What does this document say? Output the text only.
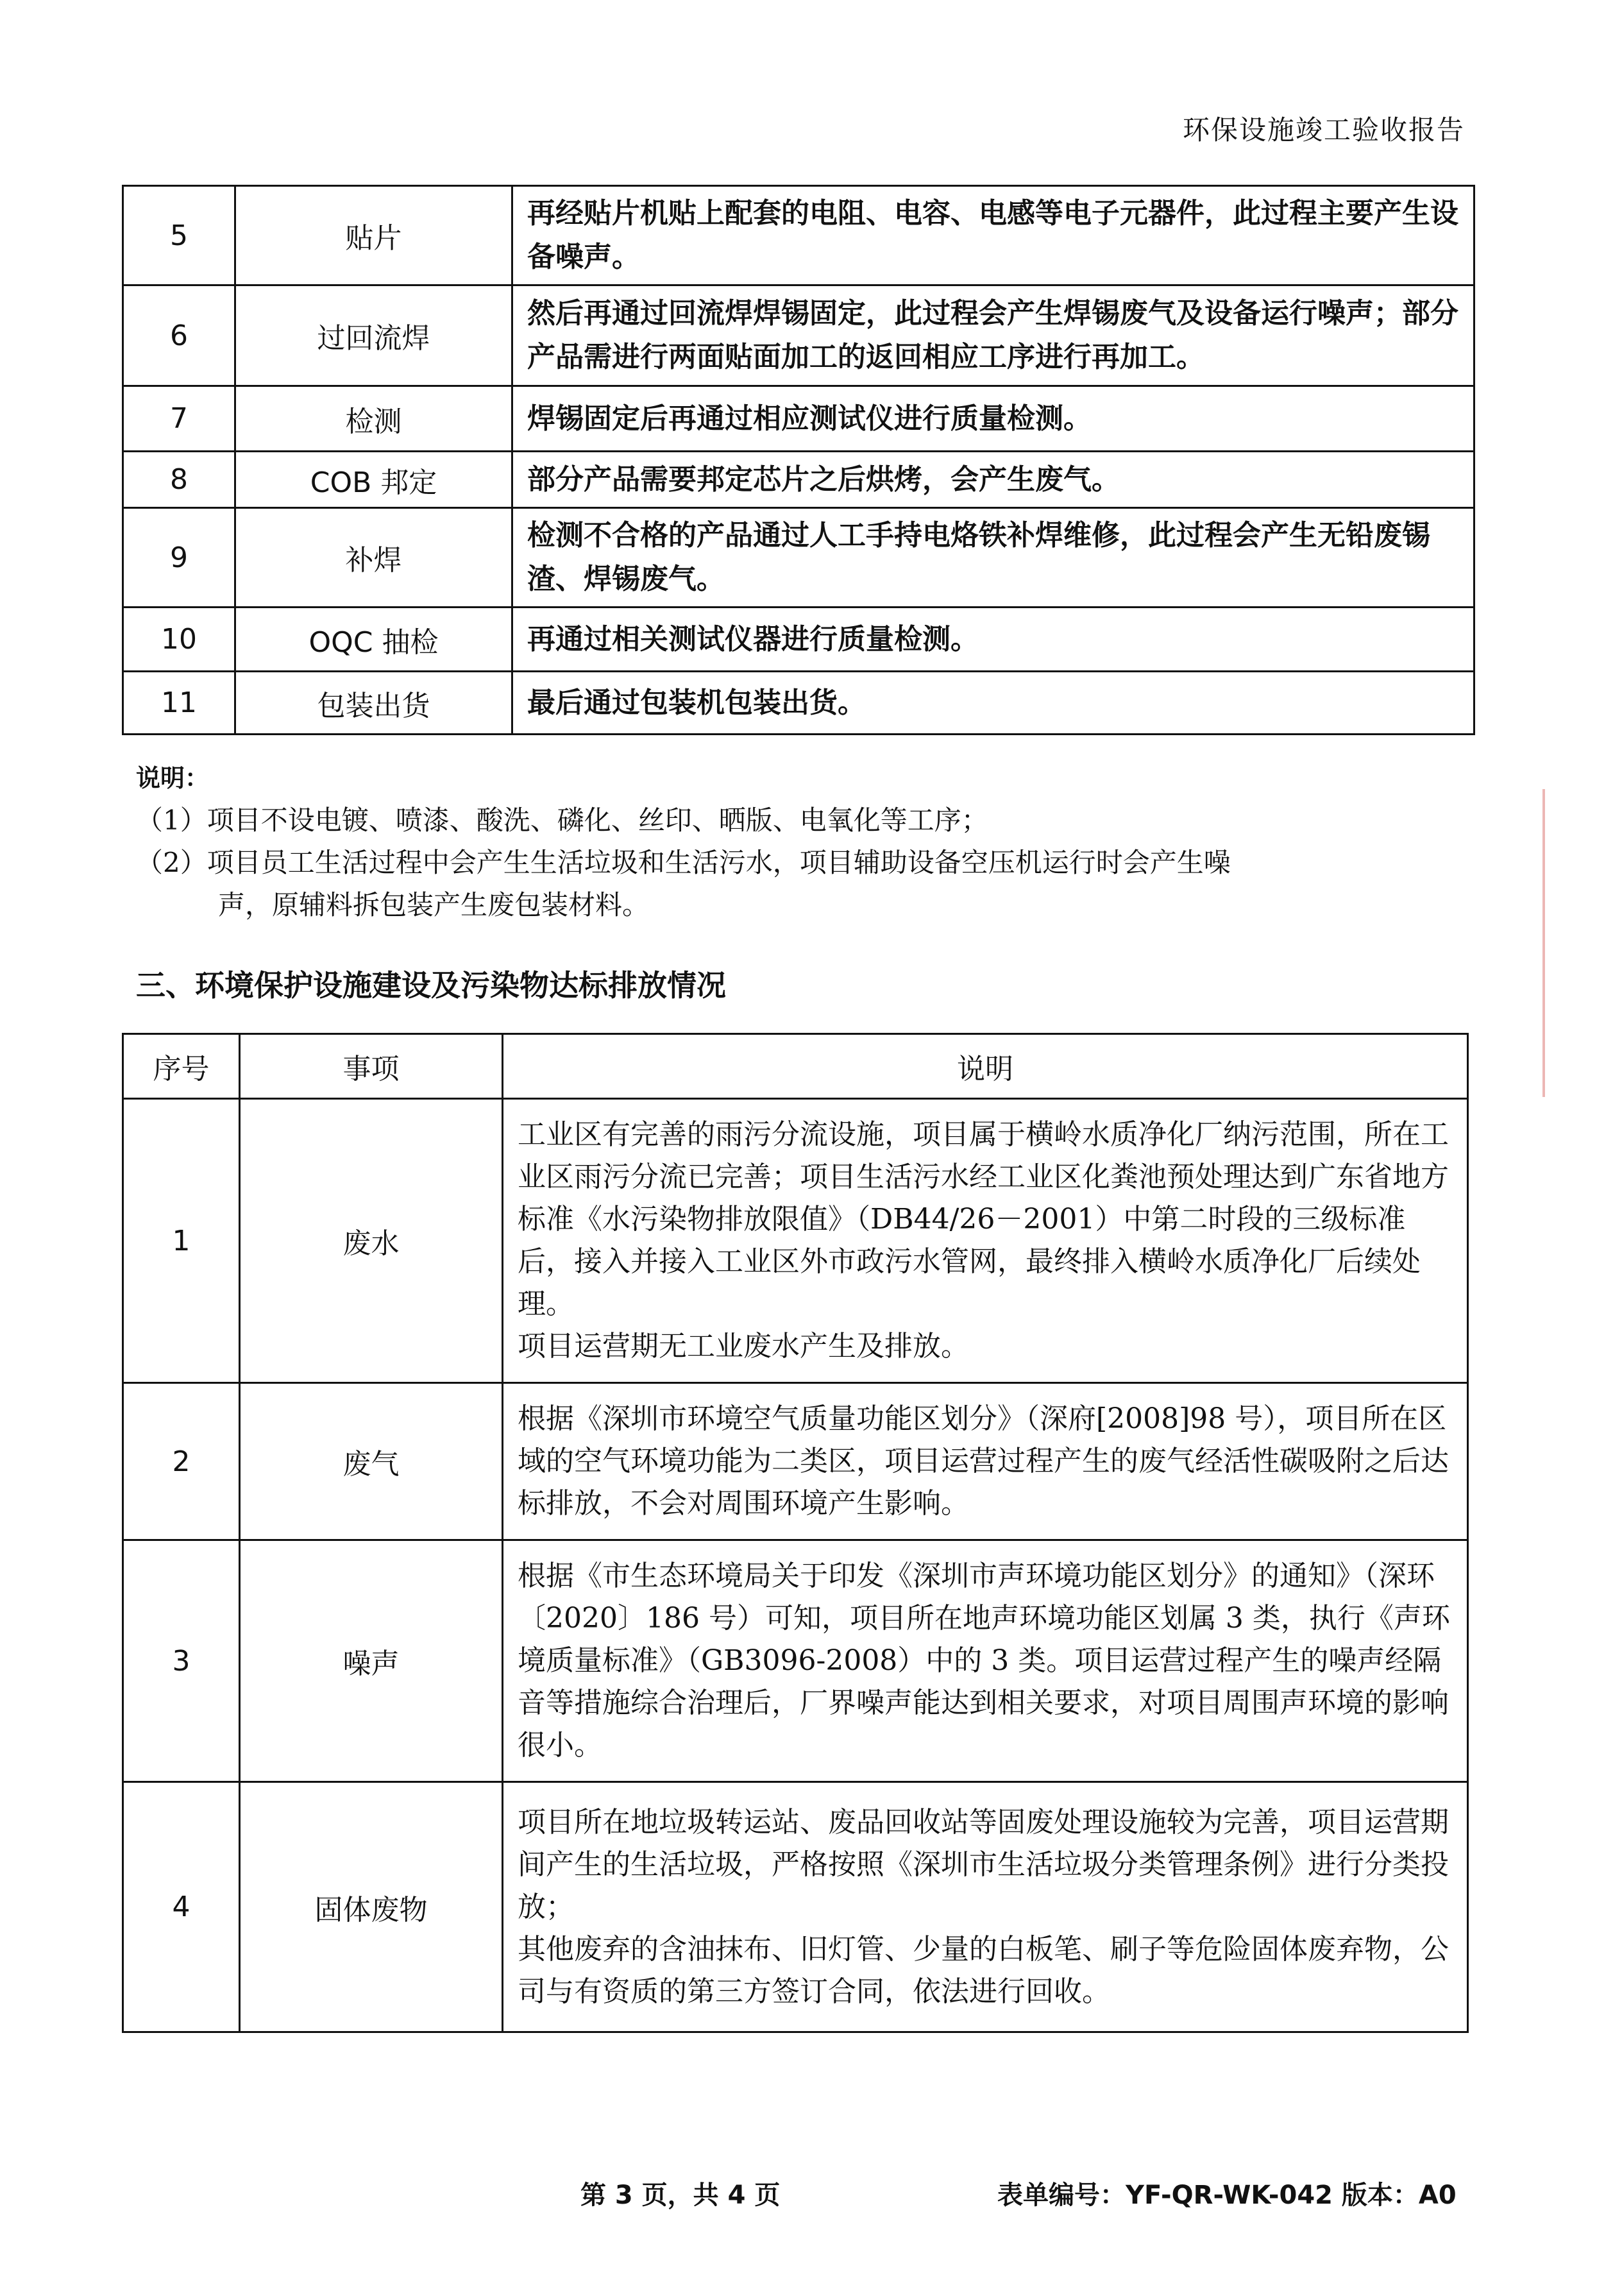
环保设施竣工验收报告
5	贴片	再经贴片机贴上配套的电阻、电容、电感等电子元器件，此过程主要产生设备噪声。
6	过回流焊	然后再通过回流焊焊锡固定，此过程会产生焊锡废气及设备运行噪声；部分产品需进行两面贴面加工的返回相应工序进行再加工。
7	检测	焊锡固定后再通过相应测试仪进行质量检测。
8	COB 邦定	部分产品需要邦定芯片之后烘烤，会产生废气。
9	补焊	检测不合格的产品通过人工手持电烙铁补焊维修，此过程会产生无铅废锡渣、焊锡废气。
10	OQC 抽检	再通过相关测试仪器进行质量检测。
11	包装出货	最后通过包装机包装出货。
说明：
（1）项目不设电镀、喷漆、酸洗、磷化、丝印、晒版、电氧化等工序；
（2）项目员工生活过程中会产生生活垃圾和生活污水，项目辅助设备空压机运行时会产生噪
声，原辅料拆包装产生废包装材料。
三、环境保护设施建设及污染物达标排放情况
序号	事项	说明
1	废水	工业区有完善的雨污分流设施，项目属于横岭水质净化厂纳污范围，所在工业区雨污分流已完善；项目生活污水经工业区化粪池预处理达到广东省地方标准《水污染物排放限值》（DB44/26－2001）中第二时段的三级标准后，接入并接入工业区外市政污水管网，最终排入横岭水质净化厂后续处理。
项目运营期无工业废水产生及排放。

2	废气	根据《深圳市环境空气质量功能区划分》（深府[2008]98 号），项目所在区域的空气环境功能为二类区，项目运营过程产生的废气经活性碳吸附之后达标排放，不会对周围环境产生影响。
3	噪声	根据《市生态环境局关于印发《深圳市声环境功能区划分》的通知》（深环〔2020〕186 号）可知，项目所在地声环境功能区划属 3 类，执行《声环境质量标准》（GB3096-2008）中的 3 类。项目运营过程产生的噪声经隔音等措施综合治理后，厂界噪声能达到相关要求，对项目周围声环境的影响很小。
4	固体废物	项目所在地垃圾转运站、废品回收站等固废处理设施较为完善，项目运营期间产生的生活垃圾，严格按照《深圳市生活垃圾分类管理条例》进行分类投放；
其他废弃的含油抹布、旧灯管、少量的白板笔、刷子等危险固体废弃物，公司与有资质的第三方签订合同，依法进行回收。
第 3 页，共 4 页	表单编号：YF-QR-WK-042 版本：A0
